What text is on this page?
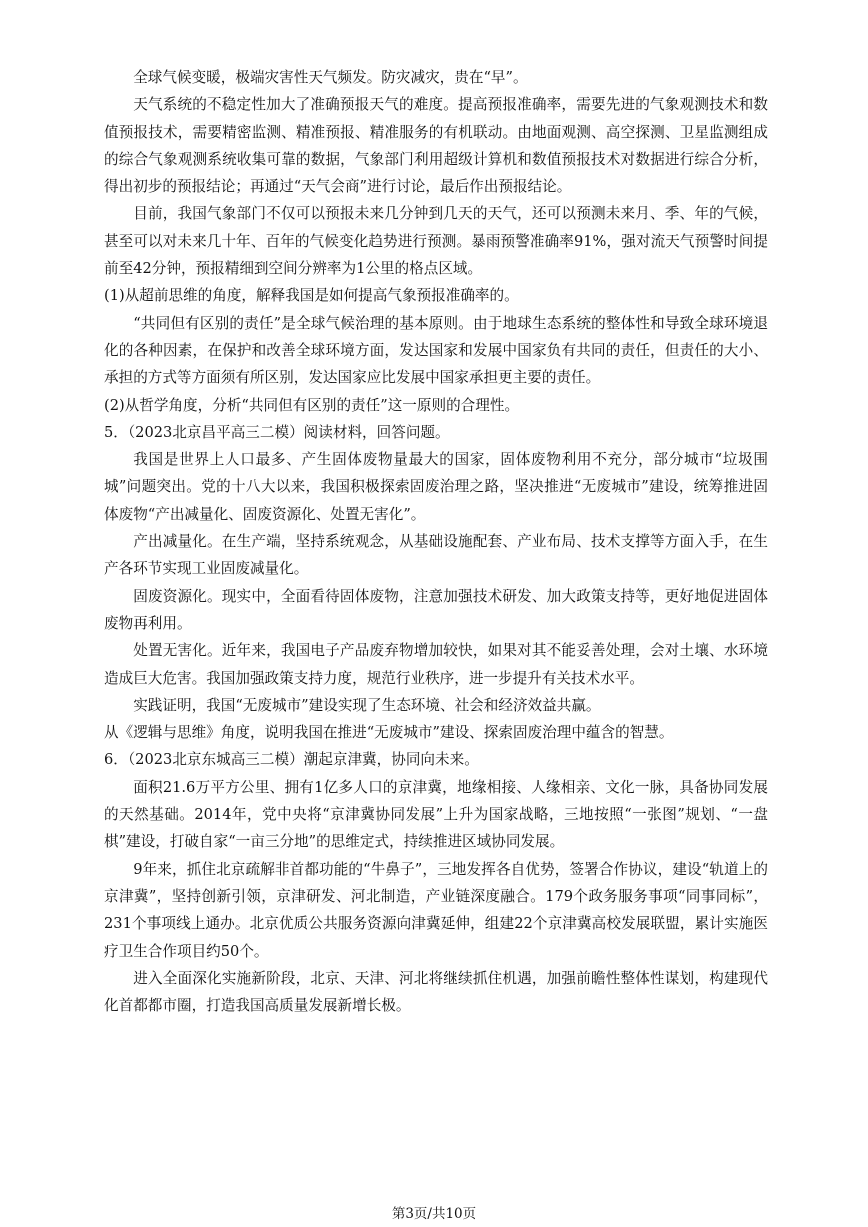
全球气候变暖，极端灾害性天气频发。防灾减灾，贵在“早”。

天气系统的不稳定性加大了准确预报天气的难度。提高预报准确率，需要先进的气象观测技术和数值预报技术，需要精密监测、精准预报、精准服务的有机联动。由地面观测、高空探测、卫星监测组成的综合气象观测系统收集可靠的数据，气象部门利用超级计算机和数值预报技术对数据进行综合分析，得出初步的预报结论；再通过“天气会商”进行讨论，最后作出预报结论。

目前，我国气象部门不仅可以预报未来几分钟到几天的天气，还可以预测未来月、季、年的气候，甚至可以对未来几十年、百年的气候变化趋势进行预测。暴雨预警准确率91%，强对流天气预警时间提前至42分钟，预报精细到空间分辨率为1公里的格点区域。

(1)从超前思维的角度，解释我国是如何提高气象预报准确率的。

“共同但有区别的责任”是全球气候治理的基本原则。由于地球生态系统的整体性和导致全球环境退化的各种因素，在保护和改善全球环境方面，发达国家和发展中国家负有共同的责任，但责任的大小、承担的方式等方面须有所区别，发达国家应比发展中国家承担更主要的责任。

(2)从哲学角度，分析“共同但有区别的责任”这一原则的合理性。

5．（2023北京昌平高三二模）阅读材料，回答问题。

我国是世界上人口最多、产生固体废物量最大的国家，固体废物利用不充分，部分城市“垃圾围城”问题突出。党的十八大以来，我国积极探索固废治理之路，坚决推进“无废城市”建设，统筹推进固体废物“产出减量化、固废资源化、处置无害化”。

产出减量化。在生产端，坚持系统观念，从基础设施配套、产业布局、技术支撑等方面入手，在生产各环节实现工业固废减量化。

固废资源化。现实中，全面看待固体废物，注意加强技术研发、加大政策支持等，更好地促进固体废物再利用。

处置无害化。近年来，我国电子产品废弃物增加较快，如果对其不能妥善处理，会对土壤、水环境造成巨大危害。我国加强政策支持力度，规范行业秩序，进一步提升有关技术水平。

实践证明，我国“无废城市”建设实现了生态环境、社会和经济效益共赢。

从《逻辑与思维》角度，说明我国在推进“无废城市”建设、探索固废治理中蕴含的智慧。

6．（2023北京东城高三二模）潮起京津冀，协同向未来。

面积21.6万平方公里、拥有1亿多人口的京津冀，地缘相接、人缘相亲、文化一脉，具备协同发展的天然基础。2014年，党中央将“京津冀协同发展”上升为国家战略，三地按照“一张图”规划、“一盘棋”建设，打破自家“一亩三分地”的思维定式，持续推进区域协同发展。

9年来，抓住北京疏解非首都功能的“牛鼻子”，三地发挥各自优势，签署合作协议，建设“轨道上的京津冀”，坚持创新引领，京津研发、河北制造，产业链深度融合。179个政务服务事项“同事同标”，231个事项线上通办。北京优质公共服务资源向津冀延伸，组建22个京津冀高校发展联盟，累计实施医疗卫生合作项目约50个。

进入全面深化实施新阶段，北京、天津、河北将继续抓住机遇，加强前瞻性整体性谋划，构建现代化首都都市圈，打造我国高质量发展新增长极。

第3页/共10页
